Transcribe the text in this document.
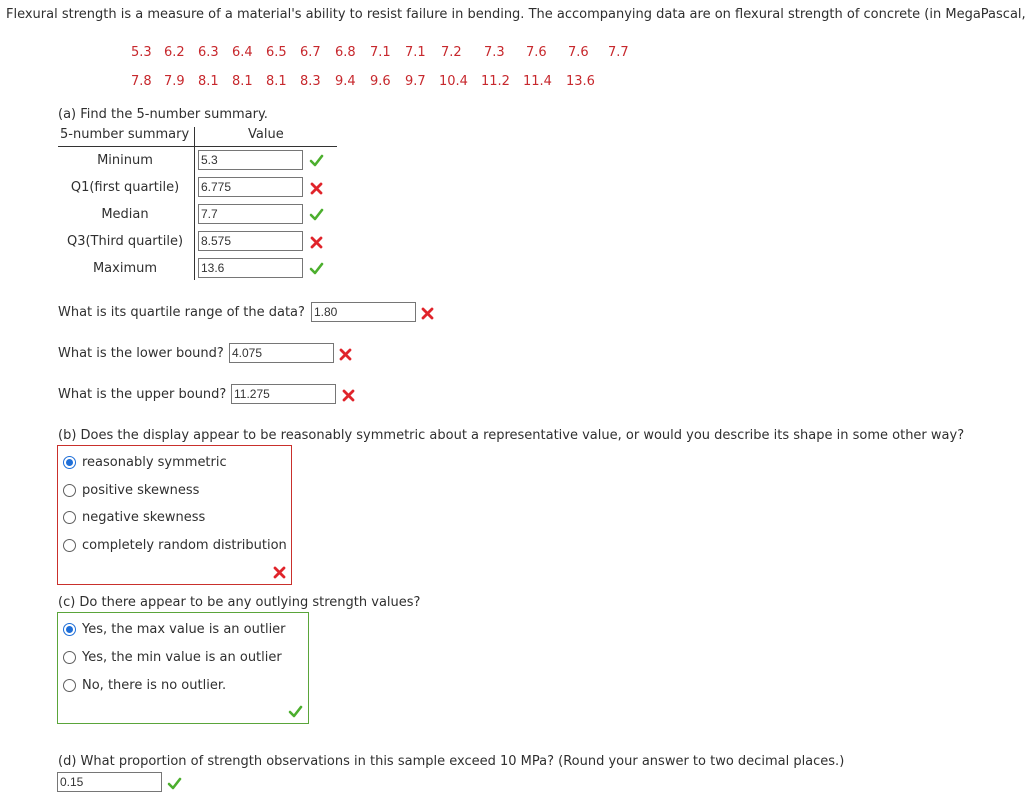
Flexural strength is a measure of a material's ability to resist failure in bending. The accompanying data are on flexural strength of concrete (in MegaPascal,
5.3 6.2 6.3 6.4 6.5 6.7 6.8 7.1 7.1 7.2 7.3 7.6 7.6 7.7
7.8 7.9 8.1 8.1 8.1 8.3 9.4 9.6 9.7 10.4 11.2 11.4 13.6
(a) Find the 5-number summary.
5-number summary	Value
Mininum	5.3
Q1(first quartile)	6.775
Median	7.7
Q3(Third quartile)	8.575
Maximum	13.6
What is its quartile range of the data? 1.80
What is the lower bound? 4.075
What is the upper bound? 11.275
(b) Does the display appear to be reasonably symmetric about a representative value, or would you describe its shape in some other way?
reasonably symmetric
positive skewness
negative skewness
completely random distribution
(c) Do there appear to be any outlying strength values?
Yes, the max value is an outlier
Yes, the min value is an outlier
No, there is no outlier.
(d) What proportion of strength observations in this sample exceed 10 MPa? (Round your answer to two decimal places.)
0.15
